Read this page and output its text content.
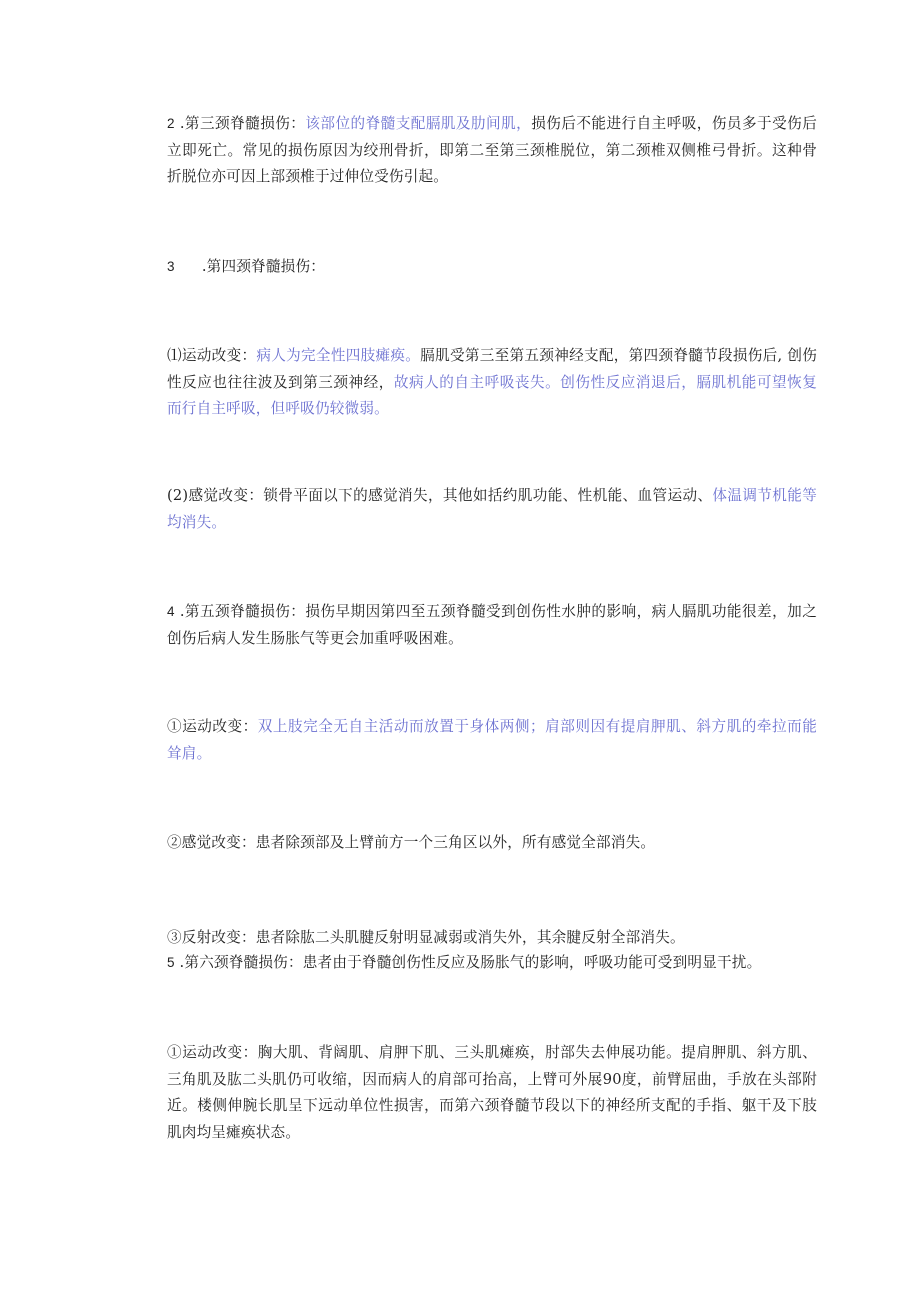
2 .第三颈脊髓损伤：该部位的脊髓支配膈肌及肋间肌，损伤后不能进行自主呼吸，伤员多于受伤后立即死亡。常见的损伤原因为绞刑骨折，即第二至第三颈椎脱位，第二颈椎双侧椎弓骨折。这种骨折脱位亦可因上部颈椎于过伸位受伤引起。

3 .第四颈脊髓损伤：

⑴运动改变：病人为完全性四肢瘫痪。膈肌受第三至第五颈神经支配，第四颈脊髓节段损伤后, 创伤性反应也往往波及到第三颈神经，故病人的自主呼吸丧失。创伤性反应消退后，膈肌机能可望恢复而行自主呼吸，但呼吸仍较微弱。

(2)感觉改变：锁骨平面以下的感觉消失，其他如括约肌功能、性机能、血管运动、体温调节机能等均消失。

4 .第五颈脊髓损伤：损伤早期因第四至五颈脊髓受到创伤性水肿的影响，病人膈肌功能很差，加之创伤后病人发生肠胀气等更会加重呼吸困难。

①运动改变：双上肢完全无自主活动而放置于身体两侧；肩部则因有提肩胛肌、斜方肌的牵拉而能耸肩。

②感觉改变：患者除颈部及上臂前方一个三角区以外，所有感觉全部消失。

③反射改变：患者除肱二头肌腱反射明显减弱或消失外，其余腱反射全部消失。

5 .第六颈脊髓损伤：患者由于脊髓创伤性反应及肠胀气的影响，呼吸功能可受到明显干扰。

①运动改变：胸大肌、背阔肌、肩胛下肌、三头肌瘫痪，肘部失去伸展功能。提肩胛肌、斜方肌、三角肌及肱二头肌仍可收缩，因而病人的肩部可抬高，上臂可外展90度，前臂屈曲，手放在头部附近。楼侧伸腕长肌呈下远动单位性损害，而第六颈脊髓节段以下的神经所支配的手指、躯干及下肢肌肉均呈瘫痪状态。
